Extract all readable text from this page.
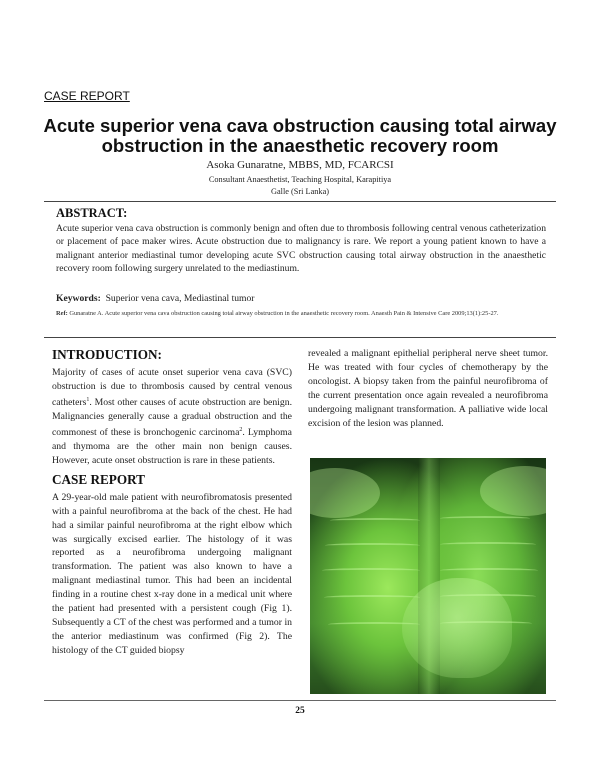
CASE REPORT
Acute superior vena cava obstruction causing total airway obstruction in the anaesthetic recovery room
Asoka Gunaratne, MBBS, MD, FCARCSI
Consultant Anaesthetist, Teaching Hospital, Karapitiya
Galle (Sri Lanka)
ABSTRACT:
Acute superior vena cava obstruction is commonly benign and often due to thrombosis following central venous catheterization or placement of pace maker wires. Acute obstruction due to malignancy is rare. We report a young patient known to have a malignant anterior mediastinal tumor developing acute SVC obstruction causing total airway obstruction in the anaesthetic recovery room following surgery unrelated to the mediastinum.
Keywords: Superior vena cava, Mediastinal tumor
Ref: Gunaratne A. Acute superior vena cava obstruction causing total airway obstruction in the anaesthetic recovery room. Anaesth Pain & Intensive Care 2009;13(1):25-27.
INTRODUCTION:

Majority of cases of acute onset superior vena cava (SVC) obstruction is due to thrombosis caused by central venous catheters$^1$. Most other causes of acute obstruction are benign. Malignancies generally cause a gradual obstruction and the commonest of these is bronchogenic carcinoma$^2$. Lymphoma and thymoma are the other main non benign causes. However, acute onset obstruction is rare in these patients.

CASE REPORT

A 29-year-old male patient with neurofibromatosis presented with a painful neurofibroma at the back of the chest. He had had a similar painful neurofibroma at the right elbow which was surgically excised earlier. The histology of it was reported as a neurofibroma undergoing malignant transformation. The patient was also known to have a malignant mediastinal tumor. This had been an incidental finding in a routine chest x-ray done in a medical unit where the patient had presented with a persistent cough (Fig 1). Subsequently a CT of the chest was performed and a tumor in the anterior mediastinum was confirmed (Fig 2). The histology of the CT guided biopsy

revealed a malignant epithelial peripheral nerve sheet tumor. He was treated with four cycles of chemotherapy by the oncologist. A biopsy taken from the painful neurofibroma of the current presentation once again revealed a neurofibroma undergoing malignant transformation. A palliative wide local excision of the lesion was planned.

25
